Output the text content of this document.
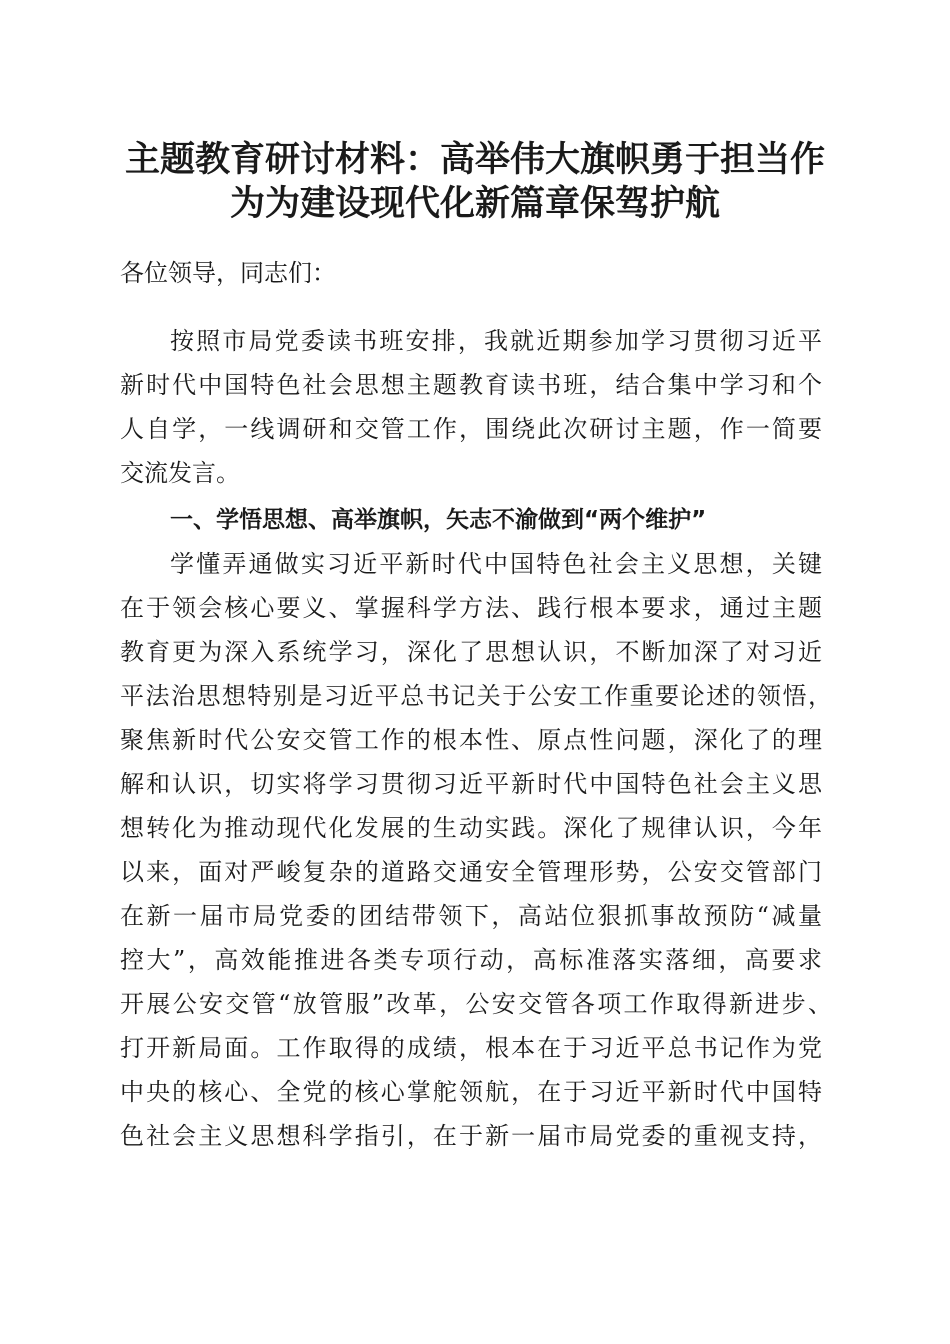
主题教育研讨材料：高举伟大旗帜勇于担当作
为为建设现代化新篇章保驾护航

各位领导，同志们：

按照市局党委读书班安排，我就近期参加学习贯彻习近平

新时代中国特色社会思想主题教育读书班，结合集中学习和个

人自学，一线调研和交管工作，围绕此次研讨主题，作一简要

交流发言。

一、学悟思想、高举旗帜，矢志不渝做到“两个维护”

学懂弄通做实习近平新时代中国特色社会主义思想，关键

在于领会核心要义、掌握科学方法、践行根本要求，通过主题

教育更为深入系统学习，深化了思想认识，不断加深了对习近

平法治思想特别是习近平总书记关于公安工作重要论述的领悟，

聚焦新时代公安交管工作的根本性、原点性问题，深化了的理

解和认识，切实将学习贯彻习近平新时代中国特色社会主义思

想转化为推动现代化发展的生动实践。深化了规律认识，今年

以来，面对严峻复杂的道路交通安全管理形势，公安交管部门

在新一届市局党委的团结带领下，高站位狠抓事故预防“减量

控大”，高效能推进各类专项行动，高标准落实落细，高要求

开展公安交管“放管服”改革，公安交管各项工作取得新进步、

打开新局面。工作取得的成绩，根本在于习近平总书记作为党

中央的核心、全党的核心掌舵领航，在于习近平新时代中国特

色社会主义思想科学指引，在于新一届市局党委的重视支持，
